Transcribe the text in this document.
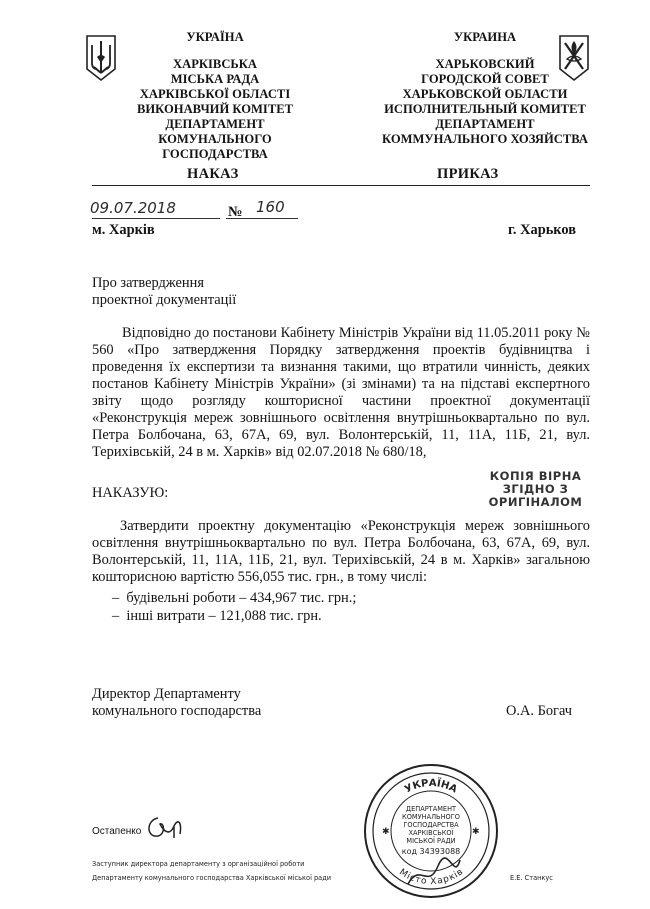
УКРАЇНА
ХАРКІВСЬКА
МІСЬКА РАДА
ХАРКІВСЬКОЇ ОБЛАСТІ
ВИКОНАВЧИЙ КОМІТЕТ
ДЕПАРТАМЕНТ
КОМУНАЛЬНОГО ГОСПОДАРСТВА
УКРАИНА
ХАРЬКОВСКИЙ
ГОРОДСКОЙ СОВЕТ
ХАРЬКОВСКОЙ ОБЛАСТИ
ИСПОЛНИТЕЛЬНЫЙ КОМИТЕТ
ДЕПАРТАМЕНТ
КОММУНАЛЬНОГО ХОЗЯЙСТВА
НАКАЗ	ПРИКАЗ
09.07.2018	№ 160
м. Харків	г. Харьков
Про затвердження
проектної документації
Відповідно до постанови Кабінету Міністрів України від 11.05.2011 року № 560 «Про затвердження Порядку затвердження проектів будівництва і проведення їх експертизи та визнання такими, що втратили чинність, деяких постанов Кабінету Міністрів України» (зі змінами) та на підставі експертного звіту щодо розгляду кошторисної частини проектної документації «Реконструкція мереж зовнішнього освітлення внутрішньоквартально по вул. Петра Болбочана, 63, 67А, 69, вул. Волонтерській, 11, 11А, 11Б, 21, вул. Терихівській, 24 в м. Харків» від 02.07.2018 № 680/18,
КОПІЯ ВІРНА
ЗГІДНО З
ОРИГІНАЛОМ
НАКАЗУЮ:
Затвердити проектну документацію «Реконструкція мереж зовнішнього освітлення внутрішньоквартально по вул. Петра Болбочана, 63, 67А, 69, вул. Волонтерській, 11, 11А, 11Б, 21, вул. Терихівській, 24 в м. Харків» загальною кошторисною вартістю 556,055 тис. грн., в тому числі:
–  будівельні роботи – 434,967 тис. грн.;
–  інші витрати – 121,088 тис. грн.
Директор Департаменту
комунального господарства	О.А. Богач
УКРАЇНА
Місто Харків
✱	✱
ДЕПАРТАМЕНТ
КОМУНАЛЬНОГО
ГОСПОДАРСТВА
ХАРКІВСЬКОЇ
МІСЬКОЇ РАДИ
код 34393088
Остапенко
Заступник директора департаменту з організаційної роботи
Департаменту комунального господарства Харківської міської ради	Е.Е. Станкус
